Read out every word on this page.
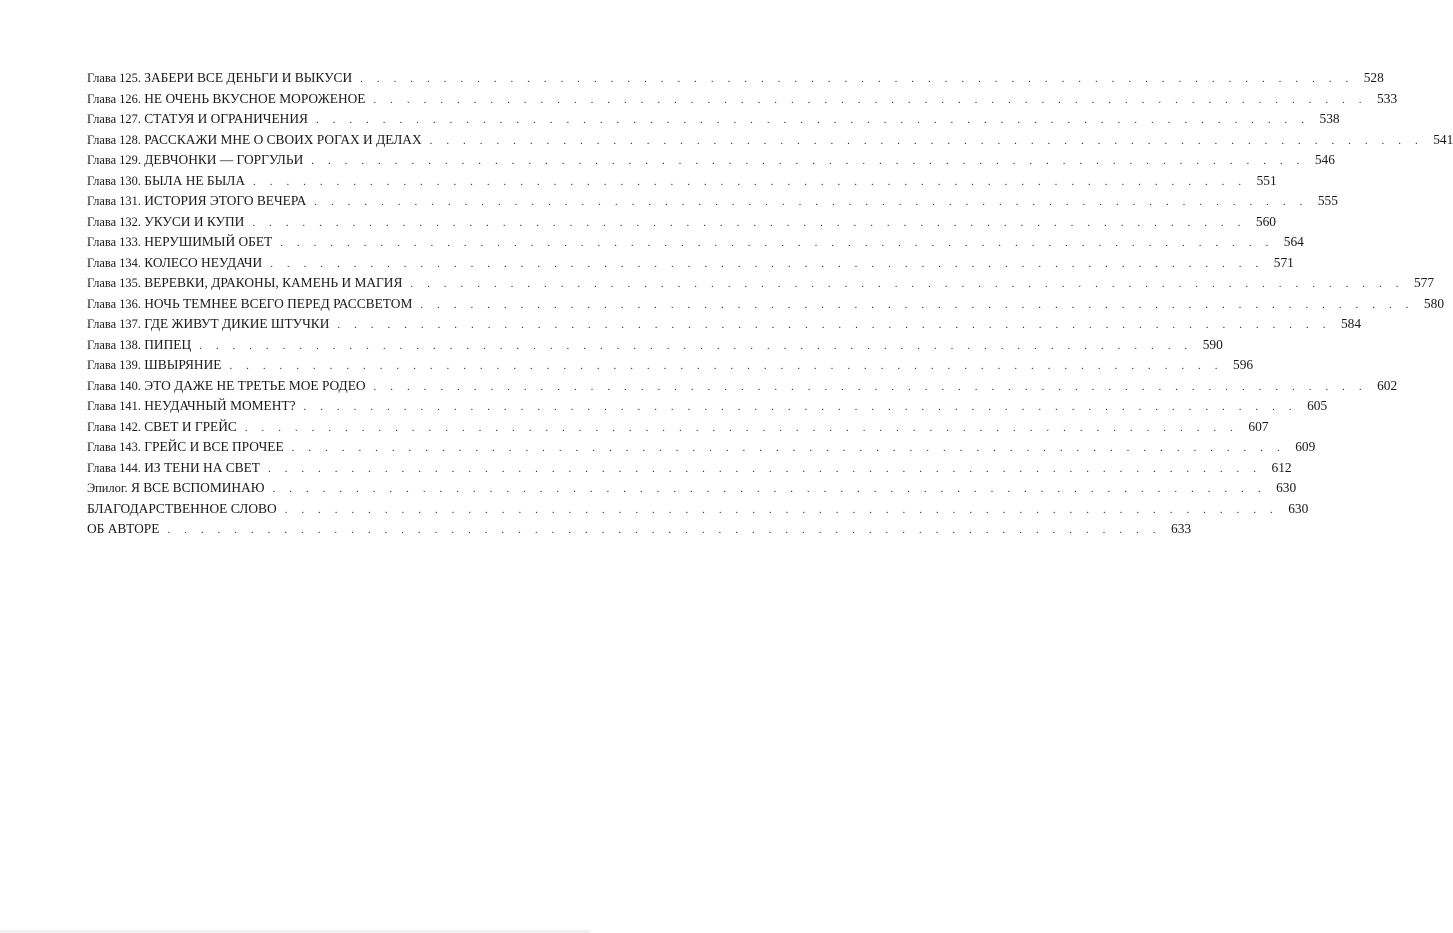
Глава 125. ЗАБЕРИ ВСЕ ДЕНЬГИ И ВЫКУСИ . . . . . . . . . . . . . . . . . . . . . . . . . . . . . . . . . . . . . . . . . . . . . . . . . . . . . . . . . . . . 528
Глава 126. НЕ ОЧЕНЬ ВКУСНОЕ МОРОЖЕНОЕ . . . . . . . . . . . . . . . . . . . . . . . . . . . . . . . . . . . . . . . . . . . . . . . . . . . . . . . . . . . . 533
Глава 127. СТАТУЯ И ОГРАНИЧЕНИЯ . . . . . . . . . . . . . . . . . . . . . . . . . . . . . . . . . . . . . . . . . . . . . . . . . . . . . . . . . . . . 538
Глава 128. РАССКАЖИ МНЕ О СВОИХ РОГАХ И ДЕЛАХ . . . . . . . . . . . . . . . . . . . . . . . . . . . . . . . . . . . . . . . . . . . . . . . . . . . . . . . . . . . . 541
Глава 129. ДЕВЧОНКИ — ГОРГУЛЬИ . . . . . . . . . . . . . . . . . . . . . . . . . . . . . . . . . . . . . . . . . . . . . . . . . . . . . . . . . . . . 546
Глава 130. БЫЛА НЕ БЫЛА . . . . . . . . . . . . . . . . . . . . . . . . . . . . . . . . . . . . . . . . . . . . . . . . . . . . . . . . . . . . 551
Глава 131. ИСТОРИЯ ЭТОГО ВЕЧЕРА . . . . . . . . . . . . . . . . . . . . . . . . . . . . . . . . . . . . . . . . . . . . . . . . . . . . . . . . . . . . 555
Глава 132. УКУСИ И КУПИ . . . . . . . . . . . . . . . . . . . . . . . . . . . . . . . . . . . . . . . . . . . . . . . . . . . . . . . . . . . . 560
Глава 133. НЕРУШИМЫЙ ОБЕТ . . . . . . . . . . . . . . . . . . . . . . . . . . . . . . . . . . . . . . . . . . . . . . . . . . . . . . . . . . . . 564
Глава 134. КОЛЕСО НЕУДАЧИ . . . . . . . . . . . . . . . . . . . . . . . . . . . . . . . . . . . . . . . . . . . . . . . . . . . . . . . . . . . . 571
Глава 135. ВЕРЕВКИ, ДРАКОНЫ, КАМЕНЬ И МАГИЯ . . . . . . . . . . . . . . . . . . . . . . . . . . . . . . . . . . . . . . . . . . . . . . . . . . . . . . . . . . . . 577
Глава 136. НОЧЬ ТЕМНЕЕ ВСЕГО ПЕРЕД РАССВЕТОМ . . . . . . . . . . . . . . . . . . . . . . . . . . . . . . . . . . . . . . . . . . . . . . . . . . . . . . . . . . . . 580
Глава 137. ГДЕ ЖИВУТ ДИКИЕ ШТУЧКИ . . . . . . . . . . . . . . . . . . . . . . . . . . . . . . . . . . . . . . . . . . . . . . . . . . . . . . . . . . . . 584
Глава 138. ПИПЕЦ . . . . . . . . . . . . . . . . . . . . . . . . . . . . . . . . . . . . . . . . . . . . . . . . . . . . . . . . . . . . 590
Глава 139. ШВЫРЯНИЕ . . . . . . . . . . . . . . . . . . . . . . . . . . . . . . . . . . . . . . . . . . . . . . . . . . . . . . . . . . . . 596
Глава 140. ЭТО ДАЖЕ НЕ ТРЕТЬЕ МОЕ РОДЕО . . . . . . . . . . . . . . . . . . . . . . . . . . . . . . . . . . . . . . . . . . . . . . . . . . . . . . . . . . . . 602
Глава 141. НЕУДАЧНЫЙ МОМЕНТ? . . . . . . . . . . . . . . . . . . . . . . . . . . . . . . . . . . . . . . . . . . . . . . . . . . . . . . . . . . . . 605
Глава 142. СВЕТ И ГРЕЙС . . . . . . . . . . . . . . . . . . . . . . . . . . . . . . . . . . . . . . . . . . . . . . . . . . . . . . . . . . . . 607
Глава 143. ГРЕЙС И ВСЕ ПРОЧЕЕ . . . . . . . . . . . . . . . . . . . . . . . . . . . . . . . . . . . . . . . . . . . . . . . . . . . . . . . . . . . . 609
Глава 144. ИЗ ТЕНИ НА СВЕТ . . . . . . . . . . . . . . . . . . . . . . . . . . . . . . . . . . . . . . . . . . . . . . . . . . . . . . . . . . . . 612
Эпилог. Я ВСЕ ВСПОМИНАЮ . . . . . . . . . . . . . . . . . . . . . . . . . . . . . . . . . . . . . . . . . . . . . . . . . . . . . . . . . . . . 630
БЛАГОДАРСТВЕННОЕ СЛОВО . . . . . . . . . . . . . . . . . . . . . . . . . . . . . . . . . . . . . . . . . . . . . . . . . . . . . . . . . . . . 630
ОБ АВТОРЕ . . . . . . . . . . . . . . . . . . . . . . . . . . . . . . . . . . . . . . . . . . . . . . . . . . . . . . . . . . . . 633
